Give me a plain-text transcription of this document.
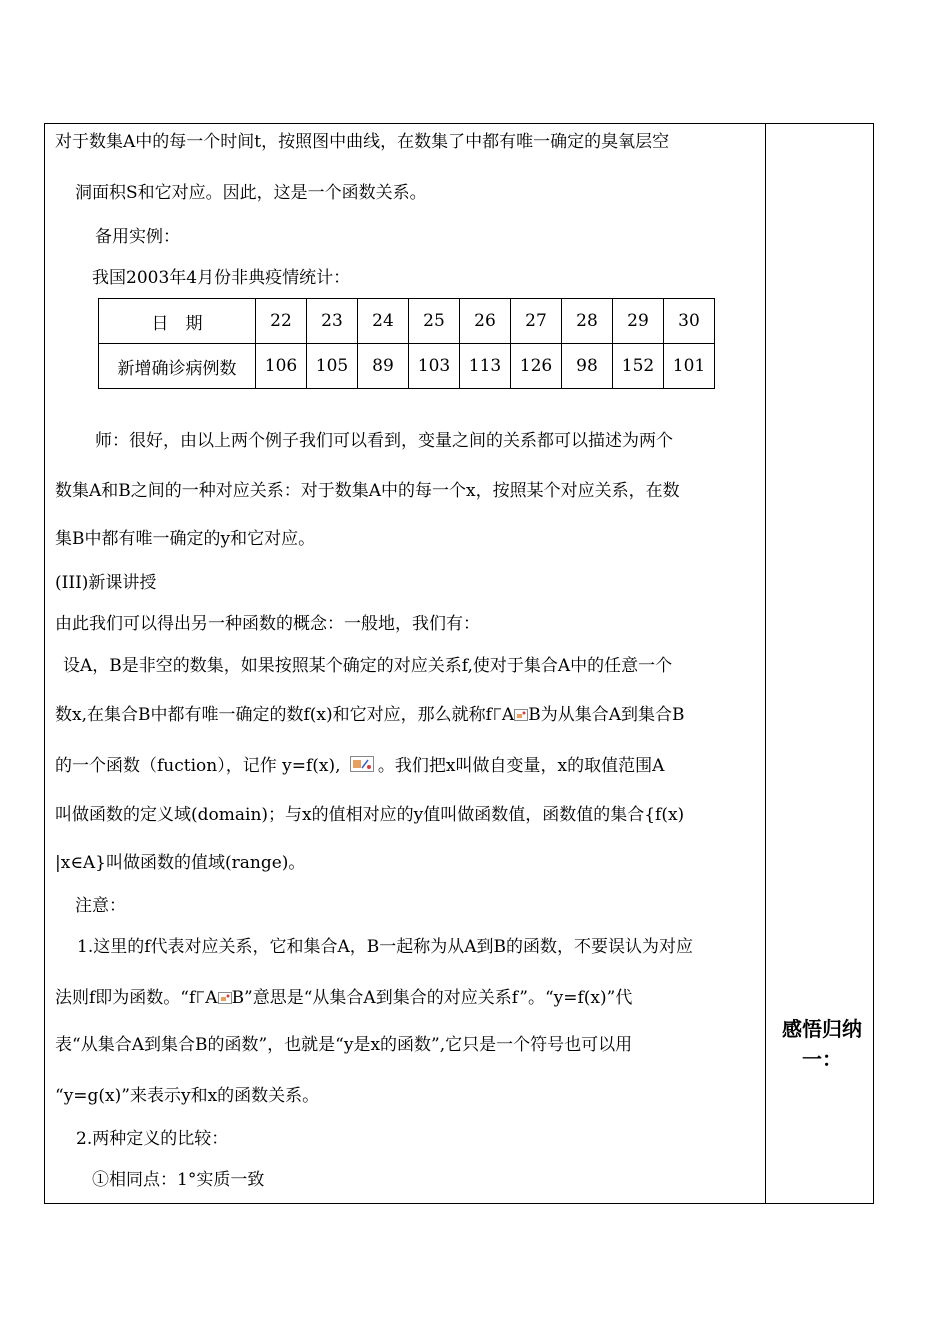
对于数集A中的每一个时间t，按照图中曲线，在数集了中都有唯一确定的臭氧层空
洞面积S和它对应。因此，这是一个函数关系。
备用实例：
我国2003年4月份非典疫情统计：
日　期	22	23	24	25	26	27	28	29	30
新增确诊病例数	106	105	89	103	113	126	98	152	101
师：很好，由以上两个例子我们可以看到，变量之间的关系都可以描述为两个
数集A和B之间的一种对应关系：对于数集A中的每一个x，按照某个对应关系，在数
集B中都有唯一确定的y和它对应。
(III)新课讲授
由此我们可以得出另一种函数的概念：一般地，我们有：
设A，B是非空的数集，如果按照某个确定的对应关系f,使对于集合A中的任意一个
数x,在集合B中都有唯一确定的数f(x)和它对应，那么就称f A B为从集合A到集合B
的一个函数（fuction），记作 y=f(x), 。我们把x叫做自变量，x的取值范围A
叫做函数的定义域(domain)；与x的值相对应的y值叫做函数值，函数值的集合{f(x)
|x∈A}叫做函数的值域(range)。
注意：
1.这里的f代表对应关系，它和集合A，B一起称为从A到B的函数，不要误认为对应
法则f即为函数。“f A B”意思是“从集合A到集合的对应关系f”。“y=f(x)”代
表“从集合A到集合B的函数”，也就是“y是x的函数”,它只是一个符号也可以用
“y=g(x)”来表示y和x的函数关系。
2.两种定义的比较：
①相同点：1°实质一致
感悟归纳
一：
